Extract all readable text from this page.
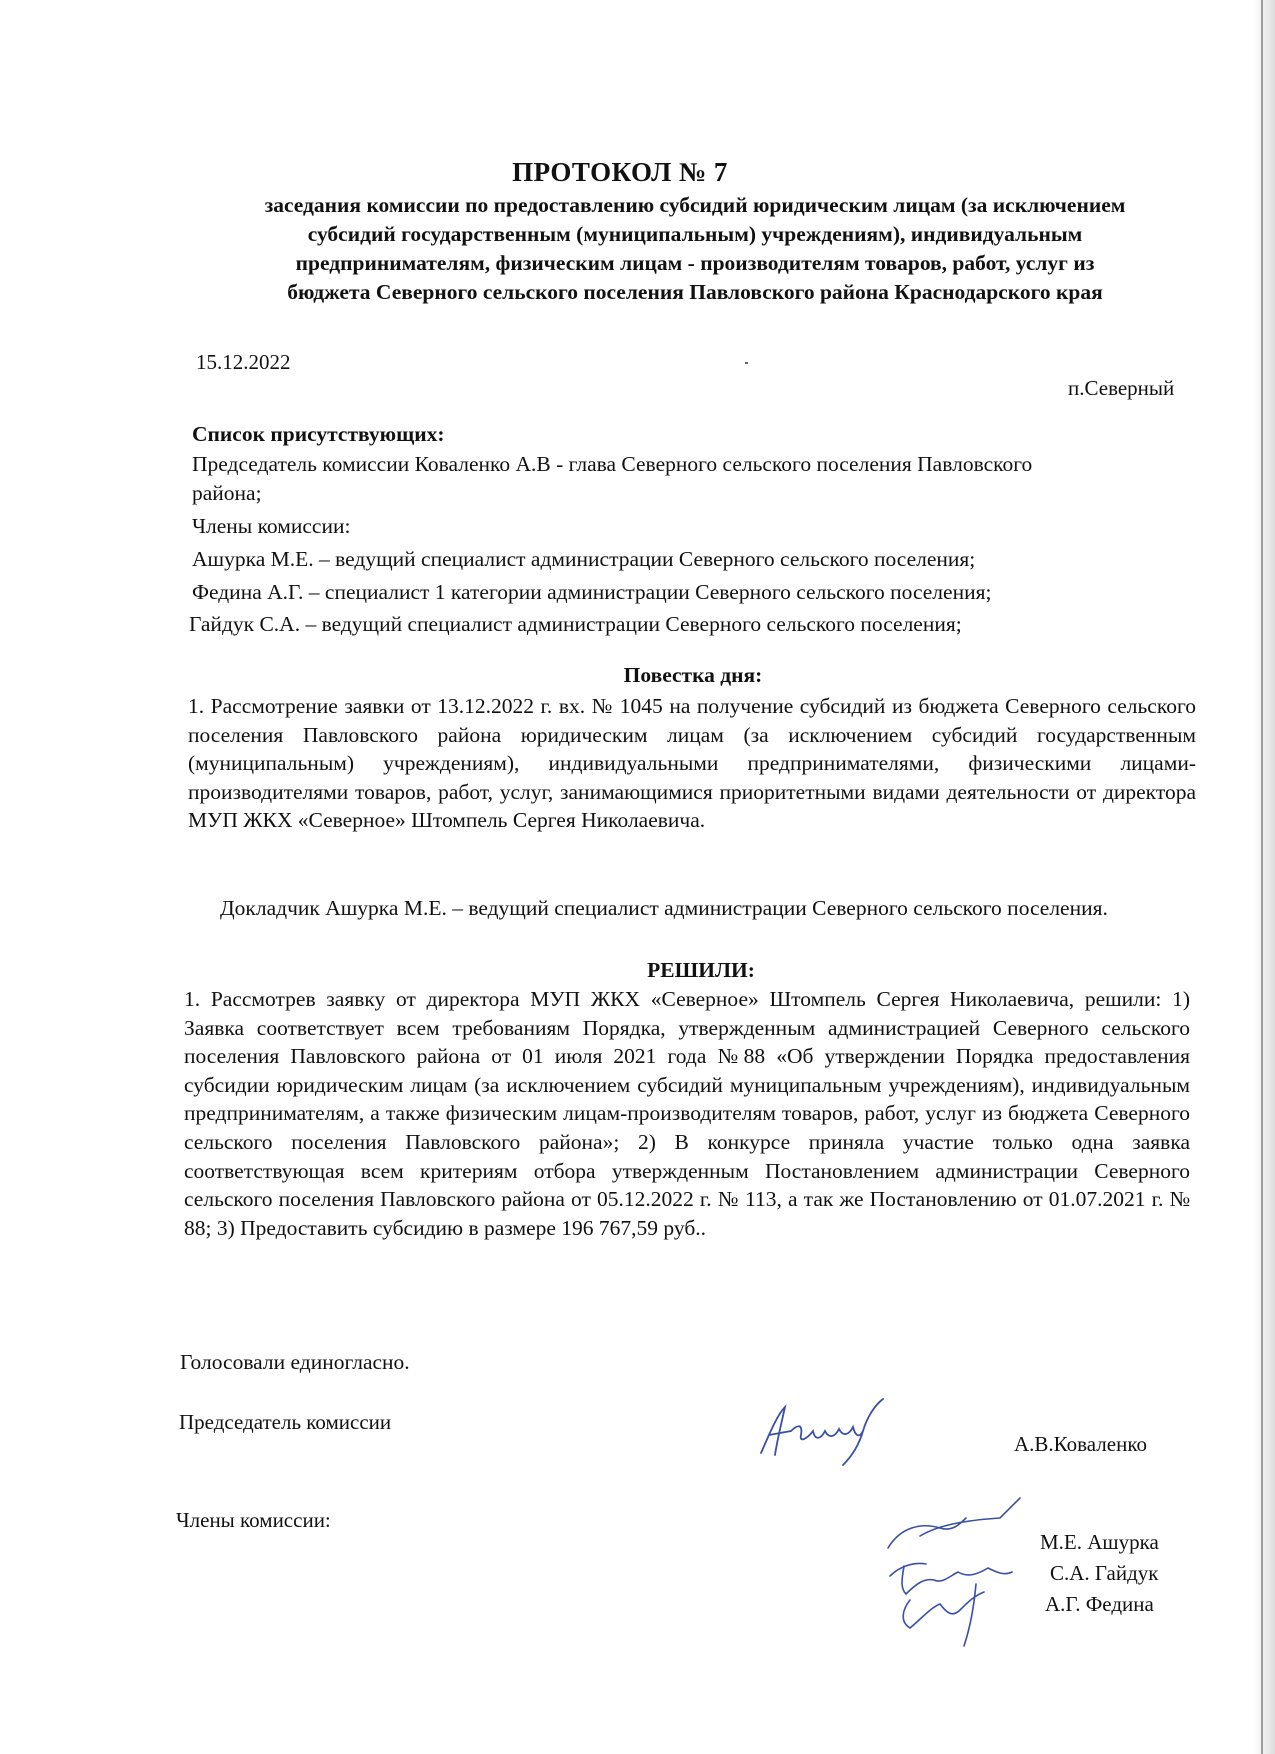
ПРОТОКОЛ № 7
заседания комиссии по предоставлению субсидий юридическим лицам (за исключением
субсидий государственным (муниципальным) учреждениям), индивидуальным
предпринимателям, физическим лицам - производителям товаров, работ, услуг из
бюджета Северного сельского поселения Павловского района Краснодарского края
15.12.2022
п.Северный
Список присутствующих:
Председатель комиссии Коваленко А.В - глава Северного сельского поселения Павловского
района;
Члены комиссии:
Ашурка М.Е. – ведущий специалист администрации Северного сельского поселения;
Федина А.Г. – специалист 1 категории администрации Северного сельского поселения;
Гайдук С.А. – ведущий специалист администрации Северного сельского поселения;
Повестка дня:
1. Рассмотрение заявки от 13.12.2022 г. вх. № 1045 на получение субсидий из бюджета Северного сельского поселения Павловского района юридическим лицам (за исключением субсидий государственным (муниципальным) учреждениям), индивидуальными предпринимателями, физическими лицами-производителями товаров, работ, услуг, занимающимися приоритетными видами деятельности от директора МУП ЖКХ «Северное» Штомпель Сергея Николаевича.
Докладчик Ашурка М.Е. – ведущий специалист администрации Северного сельского поселения.
РЕШИЛИ:
1. Рассмотрев заявку от директора МУП ЖКХ «Северное» Штомпель Сергея Николаевича, решили: 1) Заявка соответствует всем требованиям Порядка, утвержденным администрацией Северного сельского поселения Павловского района от 01 июля 2021 года №88 «Об утверждении Порядка предоставления субсидии юридическим лицам (за исключением субсидий муниципальным учреждениям), индивидуальным предпринимателям, а также физическим лицам-производителям товаров, работ, услуг из бюджета Северного сельского поселения Павловского района»; 2) В конкурсе приняла участие только одна заявка соответствующая всем критериям отбора утвержденным Постановлением администрации Северного сельского поселения Павловского района от 05.12.2022 г. № 113, а так же Постановлению от 01.07.2021 г. № 88; 3) Предоставить субсидию в размере 196 767,59 руб..
Голосовали единогласно.
Председатель комиссии
А.В.Коваленко
Члены комиссии:
М.Е. Ашурка
С.А. Гайдук
А.Г. Федина
